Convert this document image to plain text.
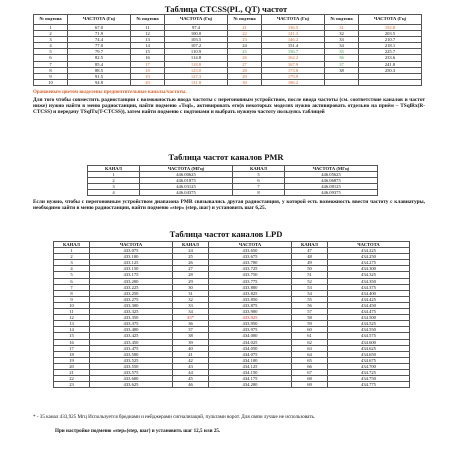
Таблица CTCSS(PL, QT) частот
№ подтона	ЧАСТОТА (Гц)	№ подтона	ЧАСТОТА (Гц)	№ подтона	ЧАСТОТА (Гц)	№ подтона	ЧАСТОТА (Гц)
1	67.0	11	97.4	21	136.5	31	192.8
2	71.9	12	100.0	22	141.3	32	203.5
3	74.4	13	103.5	23	146.2	33	210.7
4	77.0	14	107.2	24	151.4	34	218.1
5	79.7	15	110.9	25	156.7	35	225.7
6	82.5	16	114.8	26	162.2	36	233.6
7	85.4	17	118.8	27	167.9	37	241.8
8	88.5	18	123.0	28	173.8	38	250.3
9	91.5	19	127.3	29	179.9		
10	94.8	20	131.8	30	186.2		
Оранжевым цветом выделены предпочтительные каналы/частоты.
Для того чтобы совместить радиостанции с возможностью ввода частоты с перегоновным устройством, после ввода частоты (см. соответствие каналов и частот ниже) нужно найти в меню радиостанции, найти подменю «Tsql», активировать его(в некоторых моделях нужно активировать отдельно на приём – TSqlRx(R-CTCSS) и передачу TSqlTx(T-CTCSS)), затем найти подменю с подтонами и выбрать нужную частоту пользуясь таблицей
Таблица частот каналов PMR
КАНАЛ	ЧАСТОТА (МГц)	КАНАЛ	ЧАСТОТА (МГц)
1	446.00625	5	446.05625
2	446.01875	6	446.06875
3	446.03125	7	446.08125
4	446.04375	8	446.09375
Если нужно, чтобы с перегоновным устройством диапазона PMR связывались другая радиостанция, у которой есть возможность ввести частоту с клавиатуры, необходимо зайти в меню радиостанции, найти подменю «step» (step, шаг) и установить шаг 6,25.
Таблица частот каналов LPD
КАНАЛ	ЧАСТОТА	КАНАЛ	ЧАСТОТА	КАНАЛ	ЧАСТОТА
1	433.075	24	433.650	47	434.225
2	433.100	25	433.675	48	434.250
3	433.125	26	433.700	49	434.275
4	433.150	27	433.725	50	434.300
5	433.175	28	433.750	51	434.325
6	433.200	29	433.775	52	434.350
7	433.225	30	433.800	53	434.375
8	433.250	31	433.825	54	434.400
9	433.275	32	433.850	55	434.425
10	433.300	33	433.875	56	434.450
11	433.325	34	433.900	57	434.475
12	433.350	35*	433.925	58	434.500
13	433.375	36	433.950	59	434.525
14	433.400	37	433.975	60	434.550
15	433.425	38	434.000	61	434.575
16	433.450	39	434.025	62	434.600
17	433.475	40	434.050	63	434.625
18	433.500	41	434.075	64	434.650
19	433.525	42	434.100	65	434.675
20	433.550	43	434.125	66	434.700
21	433.575	44	434.150	67	434.725
22	433.600	45	434.175	68	434.750
23	433.625	46	434.200	69	434.775
* - 35 канал 433,925 Мгц Используется бреднами и нейджерами сигнализаций, пультами ворот. Для связи лучше не использовать.
При настройке подменю «step»(step, шаг) и установить шаг 12,5 или 25.
